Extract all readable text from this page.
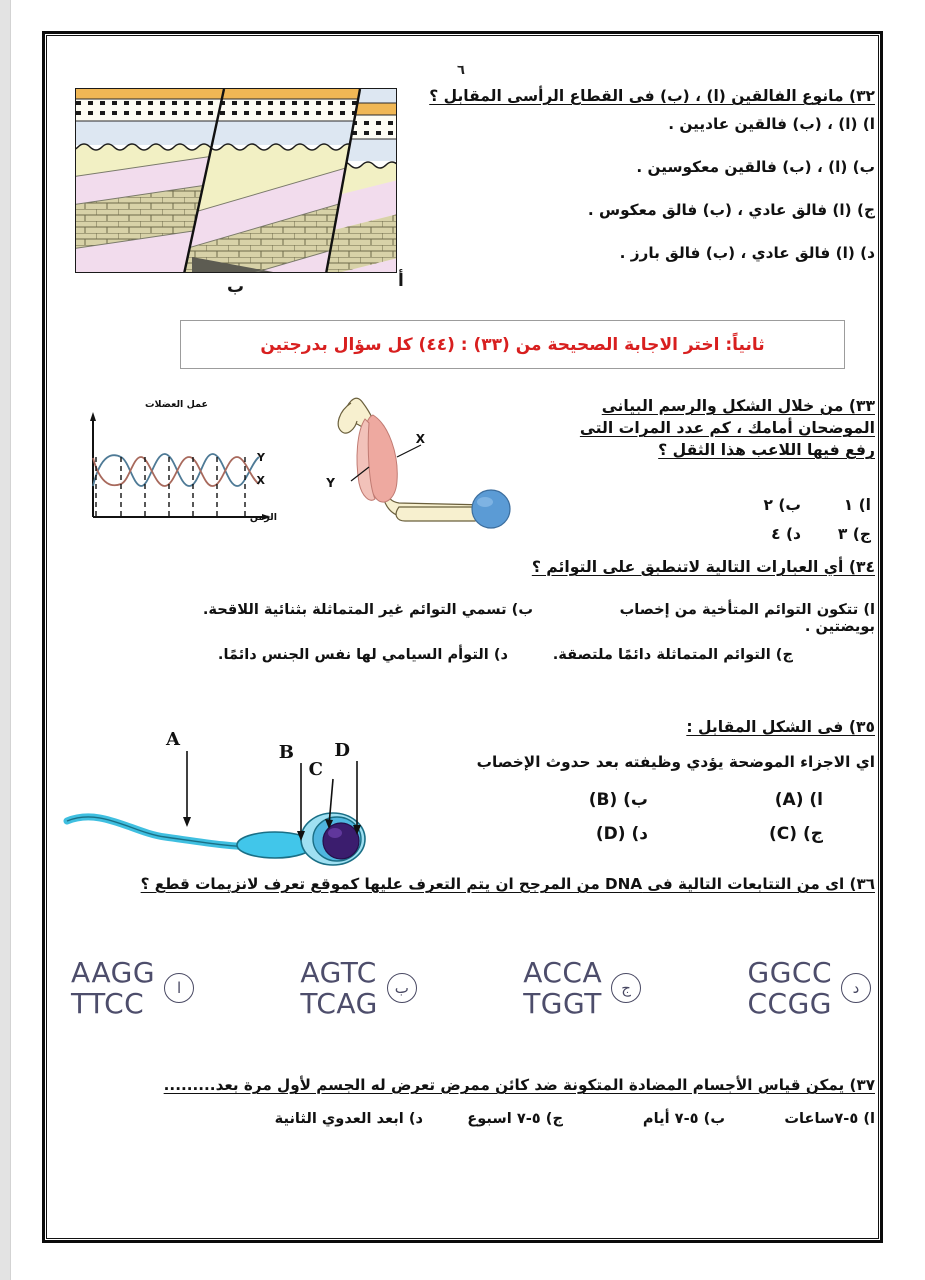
٦
٣٢) مانوع الفالقين (ا) ، (ب) فى القطاع الرأسى المقابل ؟
ا) (ا) ، (ب) فالقين عاديين .
ب) (ا) ، (ب) فالقين معكوسين .
ج) (ا) فالق عادي ، (ب) فالق معكوس .
د) (ا) فالق عادي ، (ب) فالق بارز .
ب	أ
ثانياً: اختر الاجابة الصحيحة من (٣٣) : (٤٤) كل سؤال بدرجتين
٣٣) من خلال الشكل والرسم البيانى الموضحان أمامك ، كم عدد المرات التى رفع فيها اللاعب هذا الثقل ؟
ا) ١
ب) ٢
ج) ٣
د) ٤
عمل العضلات
الزمن
Y
X
X
Y
٣٤) أي العبارات التالية لاتنطبق على التوائم ؟
ا) تتكون التوائم المتأخية من إخصاب بويضتين .
ب) تسمي التوائم غير المتماثلة بثنائية اللاقحة.
ج) التوائم المتماثلة دائمًا ملتصقة.
د) التوأم السيامي لها نفس الجنس دائمًا.
٣٥) فى الشكل المقابل :
اي الاجزاء الموضحة يؤدي وظيفته بعد حدوث الإخصاب
ا) (A)
ب) (B)
ج) (C)
د) (D)
A
B
C
D
٣٦) اى من التتابعات التالية فى DNA من المرجح ان يتم التعرف عليها كموقع تعرف لانزيمات قطع ؟
ا
AAGG
TTCC	ب
AGTC
TCAG	ج
ACCA
TGGT	د
GGCC
CCGG
٣٧) يمكن قياس الأجسام المضادة المتكونة ضد كائن ممرض تعرض له الجسم لأول مرة بعد.........
ا) ٥-٧ساعات
ب) ٥-٧ أيام
ج) ٥-٧ اسبوع
د) ابعد العدوي الثانية
